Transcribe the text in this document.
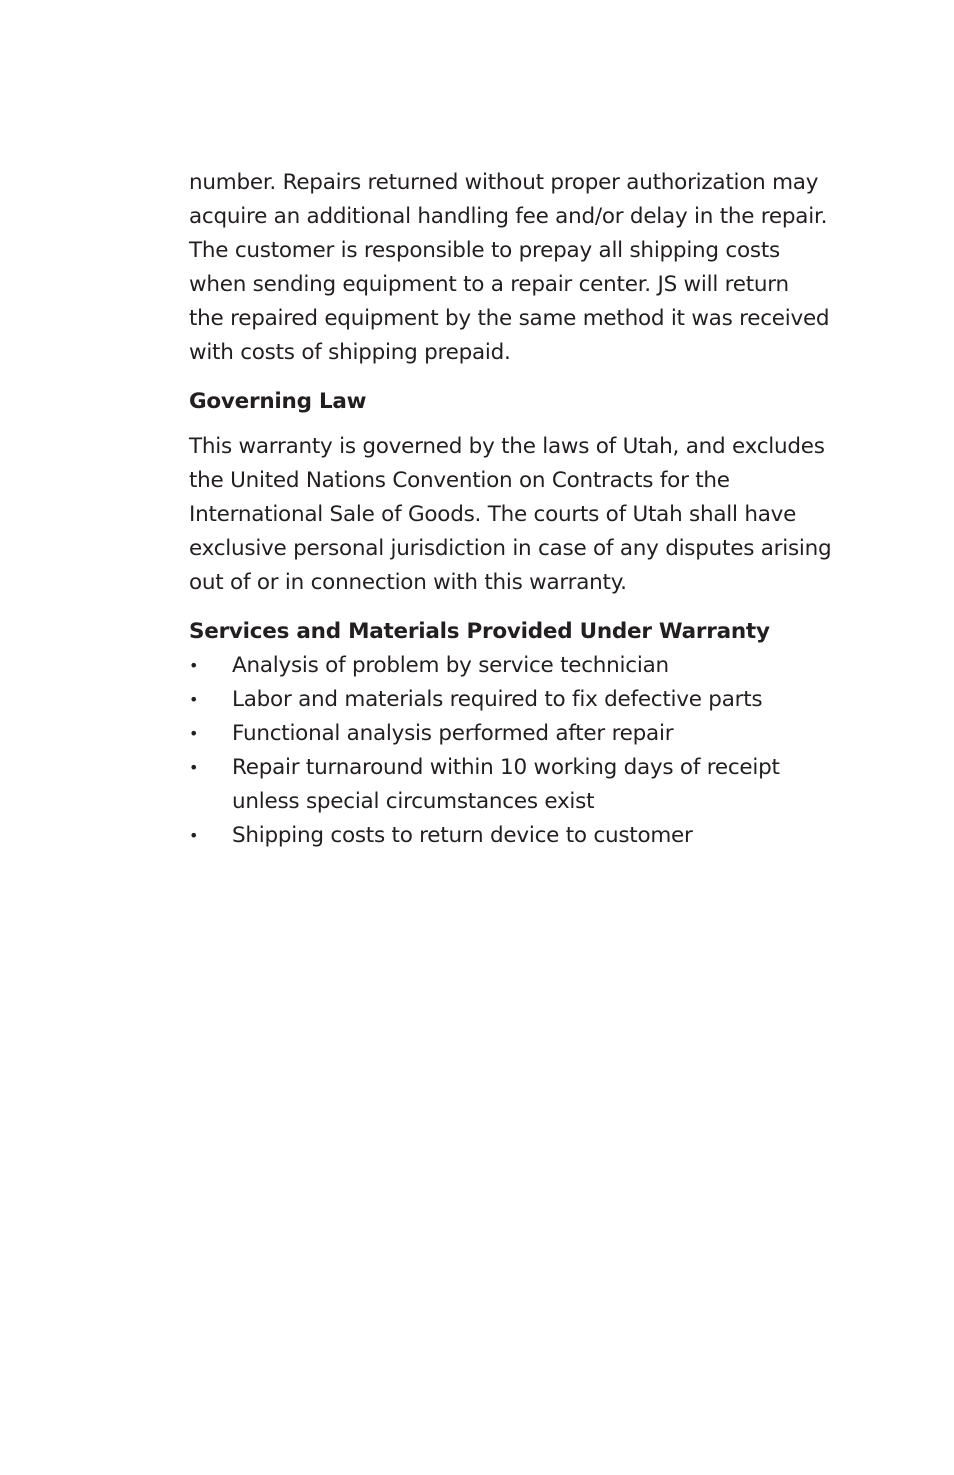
number. Repairs returned without proper authorization may
acquire an additional handling fee and/or delay in the repair.
The customer is responsible to prepay all shipping costs
when sending equipment to a repair center. JS will return
the repaired equipment by the same method it was received
with costs of shipping prepaid.

Governing Law

This warranty is governed by the laws of Utah, and excludes
the United Nations Convention on Contracts for the
International Sale of Goods. The courts of Utah shall have
exclusive personal jurisdiction in case of any disputes arising
out of or in connection with this warranty.

Services and Materials Provided Under Warranty
• Analysis of problem by service technician
• Labor and materials required to fix defective parts
• Functional analysis performed after repair
• Repair turnaround within 10 working days of receipt
unless special circumstances exist
• Shipping costs to return device to customer
